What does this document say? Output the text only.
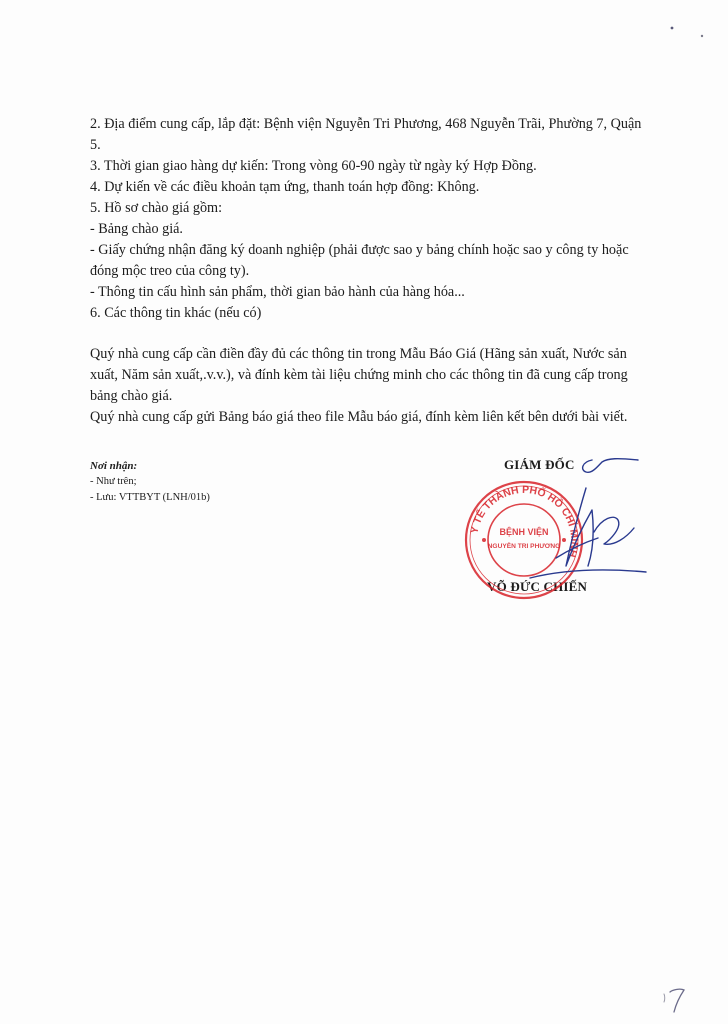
2. Địa điểm cung cấp, lắp đặt: Bệnh viện Nguyễn Tri Phương, 468 Nguyễn Trãi, Phường 7, Quận 5.

3. Thời gian giao hàng dự kiến: Trong vòng 60-90 ngày từ ngày ký Hợp Đồng.

4. Dự kiến về các điều khoản tạm ứng, thanh toán hợp đồng: Không.

5. Hồ sơ chào giá gồm:

- Bảng chào giá.

- Giấy chứng nhận đăng ký doanh nghiệp (phải được sao y bảng chính hoặc sao y công ty hoặc đóng mộc treo của công ty).

- Thông tin cấu hình sản phẩm, thời gian bảo hành của hàng hóa...

6. Các thông tin khác (nếu có)

Quý nhà cung cấp cần điền đầy đủ các thông tin trong Mẫu Báo Giá (Hãng sản xuất, Nước sản xuất, Năm sản xuất,.v.v.), và đính kèm tài liệu chứng minh cho các thông tin đã cung cấp trong bảng chào giá.

Quý nhà cung cấp gửi Bảng báo giá theo file Mẫu báo giá, đính kèm liên kết bên dưới bài viết.

Nơi nhận:
- Như trên;
- Lưu: VTTBYT (LNH/01b)
GIÁM ĐỐC
Y TẾ THÀNH PHỐ HỒ CHÍ MINH
BỆNH VIỆN
NGUYỄN TRI PHƯƠNG
VÕ ĐỨC CHIẾN
